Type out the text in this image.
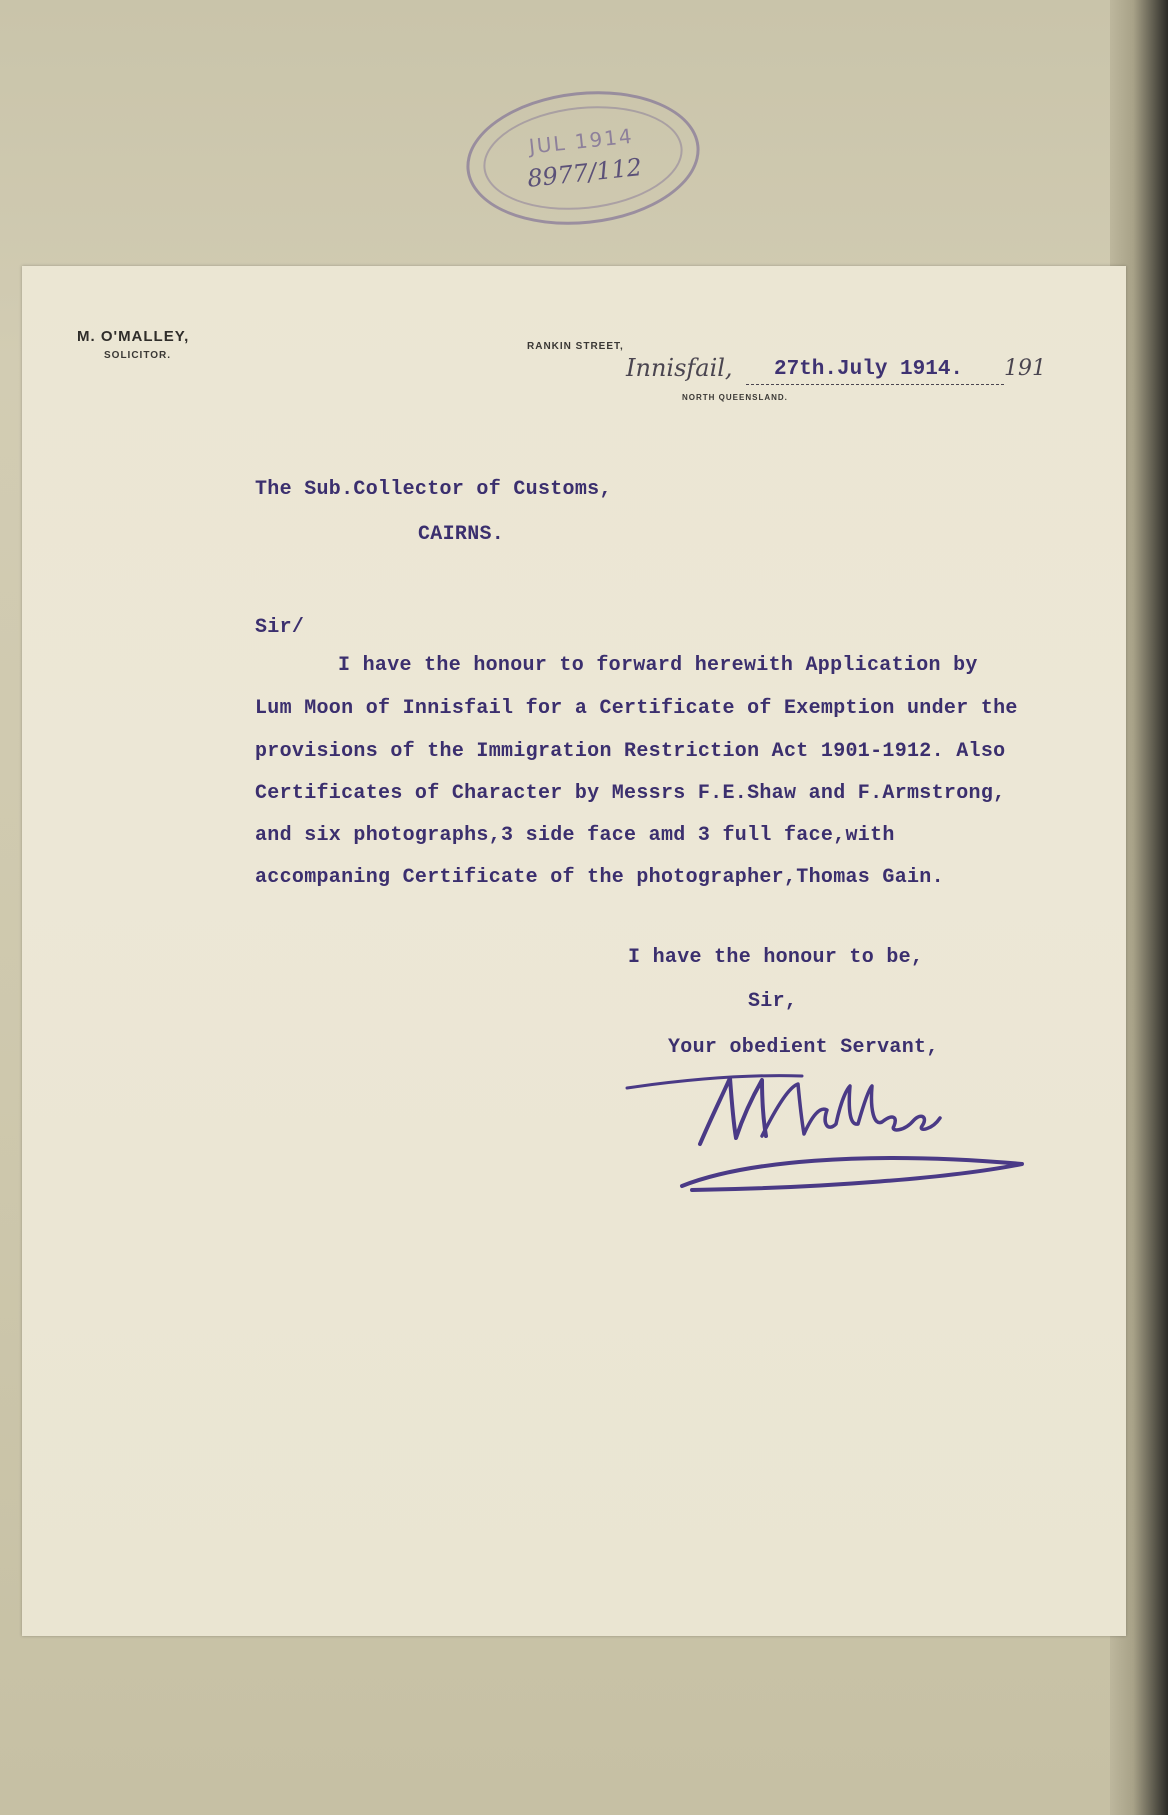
JUL 1914
8977/112
M. O'MALLEY,
SOLICITOR.
RANKIN STREET,
Innisfail, 27th.July 1914. 191
NORTH QUEENSLAND.
The Sub.Collector of Customs,
CAIRNS.
Sir/
I have the honour to forward herewith Application by
Lum Moon of Innisfail for a Certificate of Exemption under the
provisions of the Immigration Restriction Act 1901-1912. Also
Certificates of Character by Messrs F.E.Shaw and F.Armstrong,
and six photographs,3 side face amd 3 full face,with
accompaning Certificate of the photographer,Thomas Gain.
I have the honour to be,
Sir,
Your obedient Servant,
